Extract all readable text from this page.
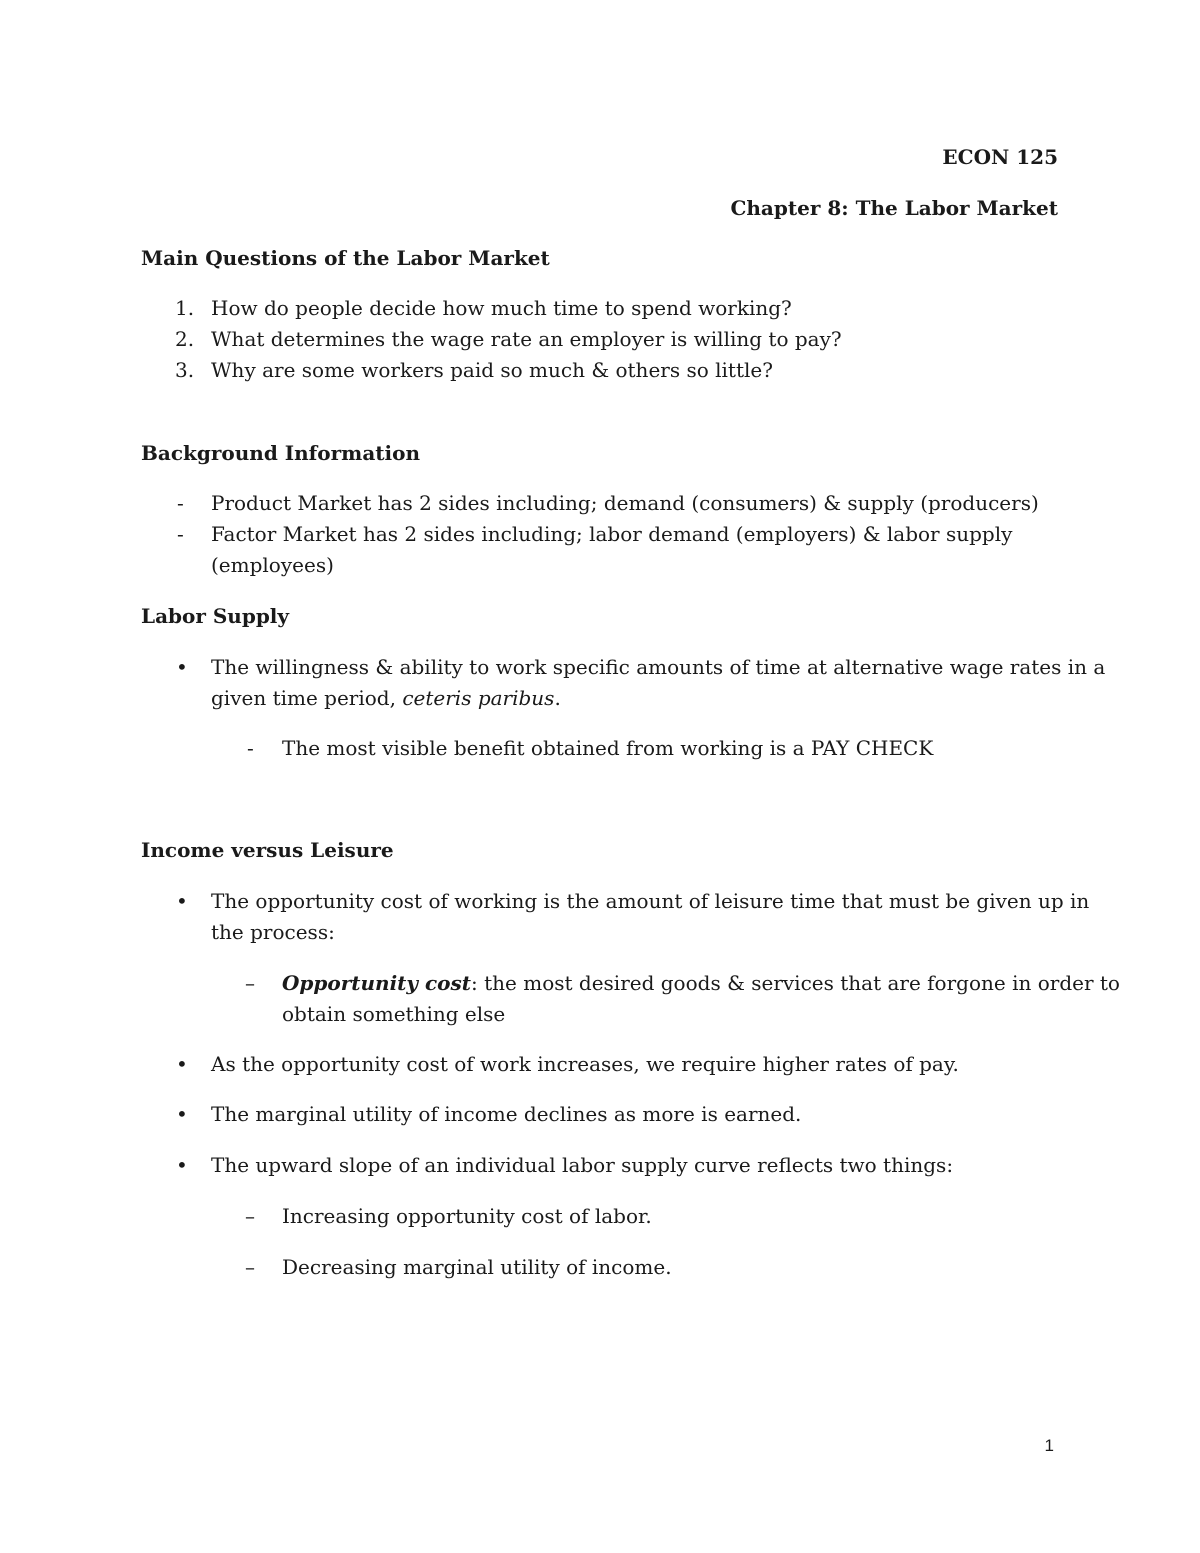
ECON 125
Chapter 8: The Labor Market
Main Questions of the Labor Market
1. How do people decide how much time to spend working?
2. What determines the wage rate an employer is willing to pay?
3. Why are some workers paid so much & others so little?
Background Information
- Product Market has 2 sides including; demand (consumers) & supply (producers)
- Factor Market has 2 sides including; labor demand (employers) & labor supply
(employees)
Labor Supply
• The willingness & ability to work specific amounts of time at alternative wage rates in a
given time period, ceteris paribus.
- The most visible benefit obtained from working is a PAY CHECK
Income versus Leisure
• The opportunity cost of working is the amount of leisure time that must be given up in
the process:
– Opportunity cost: the most desired goods & services that are forgone in order to
obtain something else
• As the opportunity cost of work increases, we require higher rates of pay.
• The marginal utility of income declines as more is earned.
• The upward slope of an individual labor supply curve reflects two things:
– Increasing opportunity cost of labor.
– Decreasing marginal utility of income.
1
